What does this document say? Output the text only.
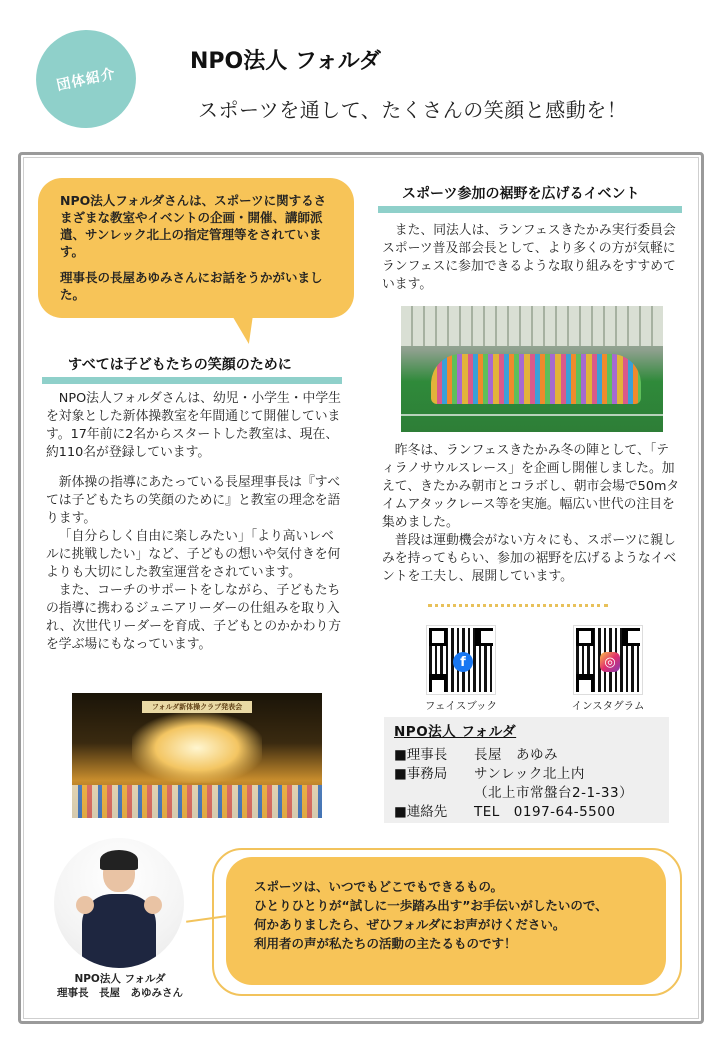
団体紹介
NPO法人 フォルダ
スポーツを通して、たくさんの笑顔と感動を！

NPO法人フォルダさんは、スポーツに関するさまざまな教室やイベントの企画・開催、講師派遣、サンレック北上の指定管理等をされています。

理事長の長屋あゆみさんにお話をうかがいました。

すべては子どもたちの笑顔のために

NPO法人フォルダさんは、幼児・小学生・中学生を対象とした新体操教室を年間通じて開催しています。17年前に2名からスタートした教室は、現在、約110名が登録しています。

新体操の指導にあたっている長屋理事長は『すべては子どもたちの笑顔のために』と教室の理念を語ります。

「自分らしく自由に楽しみたい」「より高いレベルに挑戦したい」など、子どもの想いや気付きを何よりも大切にした教室運営をされています。

また、コーチのサポートをしながら、子どもたちの指導に携わるジュニアリーダーの仕組みを取り入れ、次世代リーダーを育成、子どもとのかかわり方を学ぶ場にもなっています。

フォルダ新体操クラブ発表会
スポーツ参加の裾野を広げるイベント

また、同法人は、ランフェスきたかみ実行委員会スポーツ普及部会長として、より多くの方が気軽にランフェスに参加できるような取り組みをすすめています。

昨冬は、ランフェスきたかみ冬の陣として、「ティラノサウルスレース」を企画し開催しました。加えて、きたかみ朝市とコラボし、朝市会場で50mタイムアタックレース等を実施。幅広い世代の注目を集めました。

普段は運動機会がない方々にも、スポーツに親しみを持ってもらい、参加の裾野を広げるようなイベントを工夫し、展開しています。

f
フェイスブック
◎
インスタグラム
NPO法人 フォルダ
■理事長	長屋　あゆみ
■事務局	サンレック北上内
（北上市常盤台2-1-33）
■連絡先	TEL　0197-64-5500
NPO法人 フォルダ
理事長　長屋　あゆみさん
スポーツは、いつでもどこでもできるもの。
ひとりひとりが“試しに一歩踏み出す”お手伝いがしたいので、
何かありましたら、ぜひフォルダにお声がけください。
利用者の声が私たちの活動の主たるものです！
